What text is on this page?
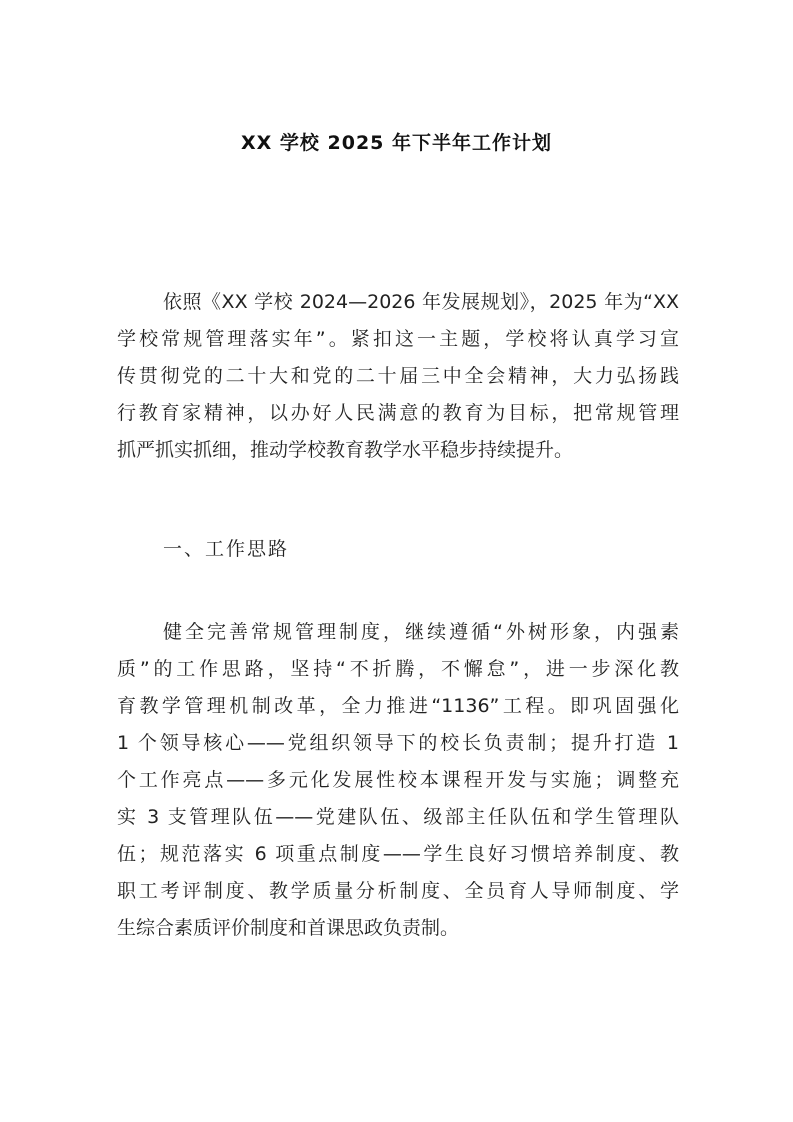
XX 学校 2025 年下半年工作计划
依照《XX 学校 2024—2026 年发展规划》，2025 年为“XX
学校常规管理落实年”。紧扣这一主题，学校将认真学习宣
传贯彻党的二十大和党的二十届三中全会精神，大力弘扬践
行教育家精神，以办好人民满意的教育为目标，把常规管理
抓严抓实抓细，推动学校教育教学水平稳步持续提升。
一、工作思路
健全完善常规管理制度，继续遵循“外树形象，内强素
质”的工作思路，坚持“不折腾，不懈怠”，进一步深化教
育教学管理机制改革，全力推进“1136”工程。即巩固强化
1 个领导核心——党组织领导下的校长负责制；提升打造 1
个工作亮点——多元化发展性校本课程开发与实施；调整充
实 3 支管理队伍——党建队伍、级部主任队伍和学生管理队
伍；规范落实 6 项重点制度——学生良好习惯培养制度、教
职工考评制度、教学质量分析制度、全员育人导师制度、学
生综合素质评价制度和首课思政负责制。
